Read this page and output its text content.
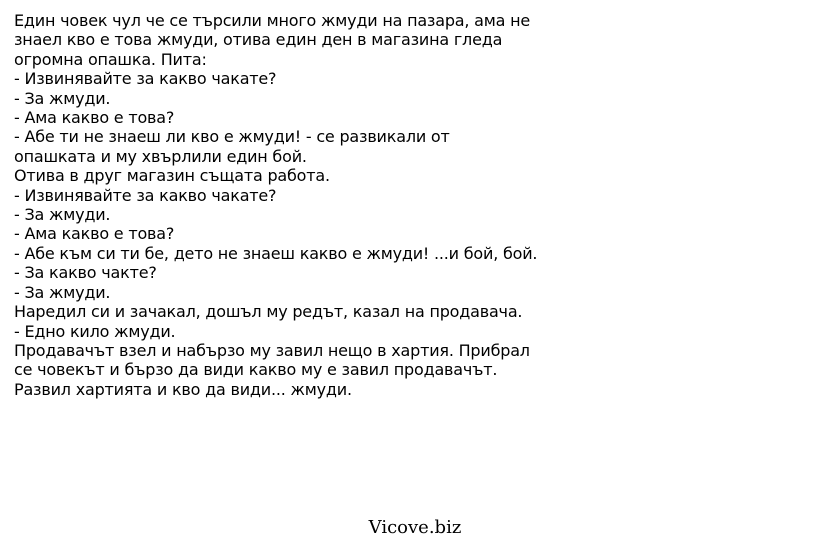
Един човек чул че се търсили много жмуди на пазара, ама не
знаел кво е това жмуди, отива един ден в магазина гледа
огромна опашка. Пита:
- Извинявайте за какво чакате?
- За жмуди.
- Ама какво е това?
- Абе ти не знаеш ли кво е жмуди! - се развикали от
опашката и му хвърлили един бой.
Отива в друг магазин същата работа.
- Извинявайте за какво чакате?
- За жмуди.
- Ама какво е това?
- Абе към си ти бе, дето не знаеш какво е жмуди! ...и бой, бой.
- За какво чакте?
- За жмуди.
Наредил си и зачакал, дошъл му редът, казал на продавача.
- Едно кило жмуди.
Продавачът взел и набързо му завил нещо в хартия. Прибрал
се човекът и бързо да види какво му е завил продавачът.
Развил хартията и кво да види... жмуди.
Vicove.biz
